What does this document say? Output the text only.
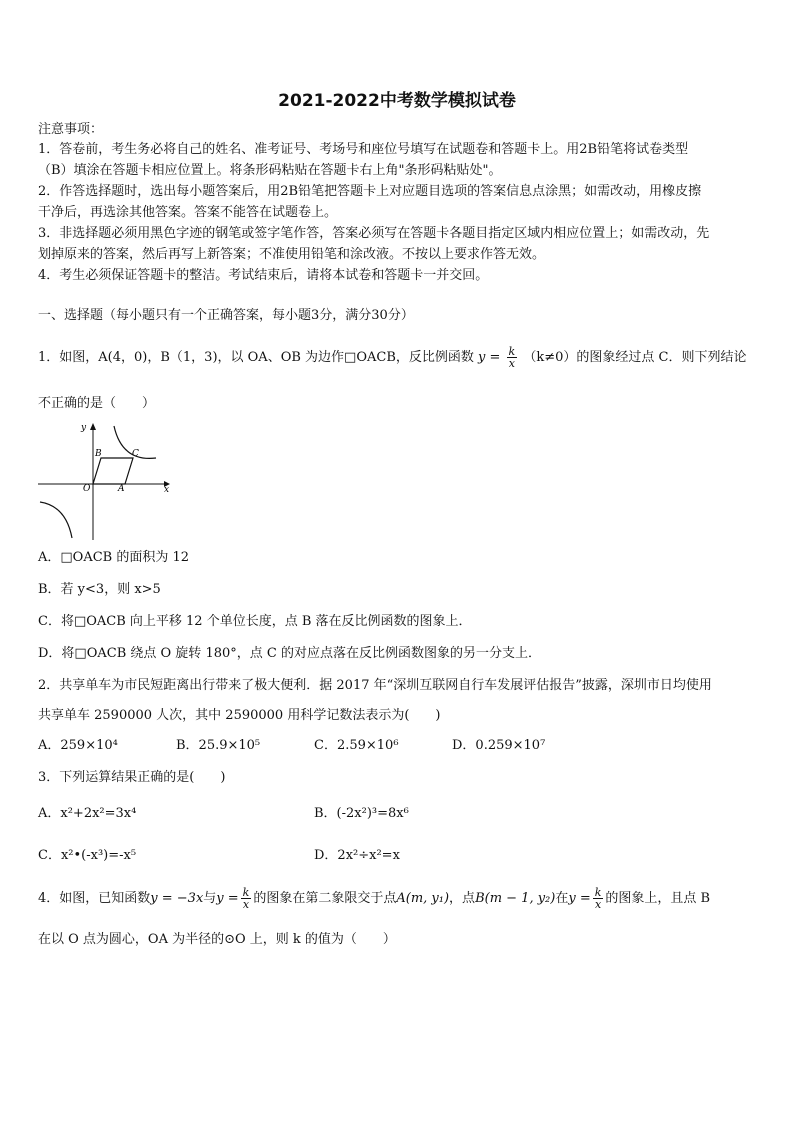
2021-2022中考数学模拟试卷
注意事项：
1．答卷前，考生务必将自己的姓名、准考证号、考场号和座位号填写在试题卷和答题卡上。用2B铅笔将试卷类型
（B）填涂在答题卡相应位置上。将条形码粘贴在答题卡右上角"条形码粘贴处"。
2．作答选择题时，选出每小题答案后，用2B铅笔把答题卡上对应题目选项的答案信息点涂黑；如需改动，用橡皮擦
干净后，再选涂其他答案。答案不能答在试题卷上。
3．非选择题必须用黑色字迹的钢笔或签字笔作答，答案必须写在答题卡各题目指定区域内相应位置上；如需改动，先
划掉原来的答案，然后再写上新答案；不准使用铅笔和涂改液。不按以上要求作答无效。
4．考生必须保证答题卡的整洁。考试结束后，请将本试卷和答题卡一并交回。
一、选择题（每小题只有一个正确答案，每小题3分，满分30分）
1．如图，A(4，0)，B（1，3)，以 OA、OB 为边作□OACB，反比例函数 $y = \frac{k}{x} (k\ne 0)$的图象经过点 C．则下列结论
不正确的是（　　）
y
x
O	A
B	C
A．□OACB 的面积为 12
B．若 y<3，则 x>5
C．将□OACB 向上平移 12 个单位长度，点 B 落在反比例函数的图象上．
D．将□OACB 绕点 O 旋转 180°，点 C 的对应点落在反比例函数图象的另一分支上．
2．共享单车为市民短距离出行带来了极大便利．据 2017 年“深圳互联网自行车发展评估报告”披露，深圳市日均使用
共享单车 2590000 人次，其中 2590000 用科学记数法表示为(　　)
A．259×10⁴	B．25.9×10⁵	C．2.59×10⁶	D．0.259×10⁷
3．下列运算结果正确的是(　　)
A．x²+2x²=3x⁴	B．(-2x²)³=8x⁶
C．x²•(-x³)=-x⁵	D．2x²÷x²=x
4．如图，已知函数y = −3x与$y = \frac{k}{x}$ 的图象在第二象限交于点A(m, y₁)，点B(m − 1, y₂)在$y = \frac{k}{x}$ 的图象上，且点 B
在以 O 点为圆心，OA 为半径的⊙O 上，则 k 的值为（　　）
